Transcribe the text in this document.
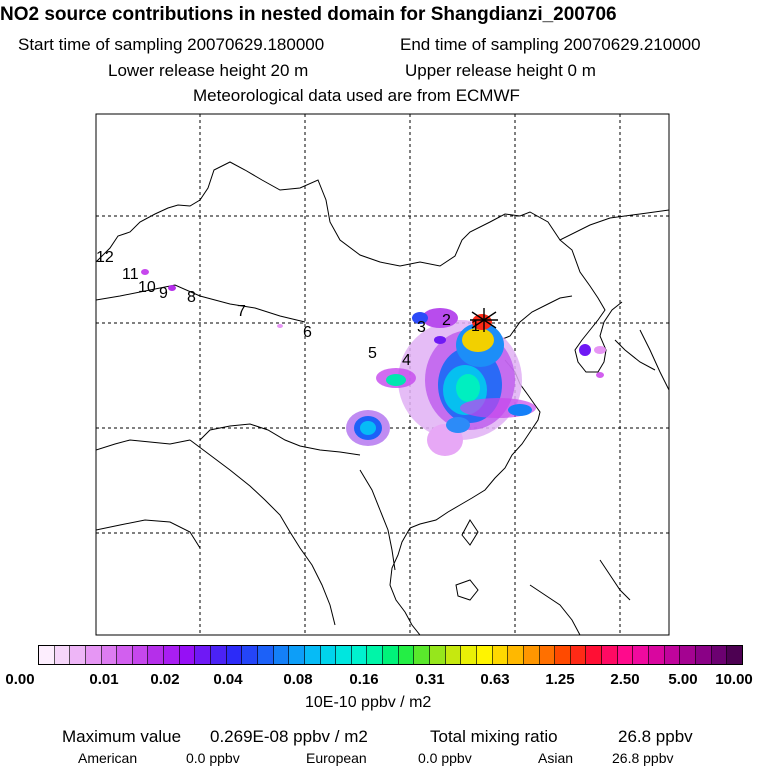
NO2 source contributions in nested domain for Shangdianzi_200706
Start time of sampling 20070629.180000	End time of sampling 20070629.210000
Lower release height 20 m	Upper release height 0 m
Meteorological data used are from ECMWF
1
2
3
4
5
6
7
8
9
10
11
12
0.00	0.01 0.02 0.04	0.08 0.16 0.31 0.63 1.25 2.50 5.00 10.00
10E-10 ppbv / m2
Maximum value 0.269E-08 ppbv / m2	Total mixing ratio	26.8 ppbv
American	0.0 ppbv	European	0.0 ppbv	Asian	26.8 ppbv
